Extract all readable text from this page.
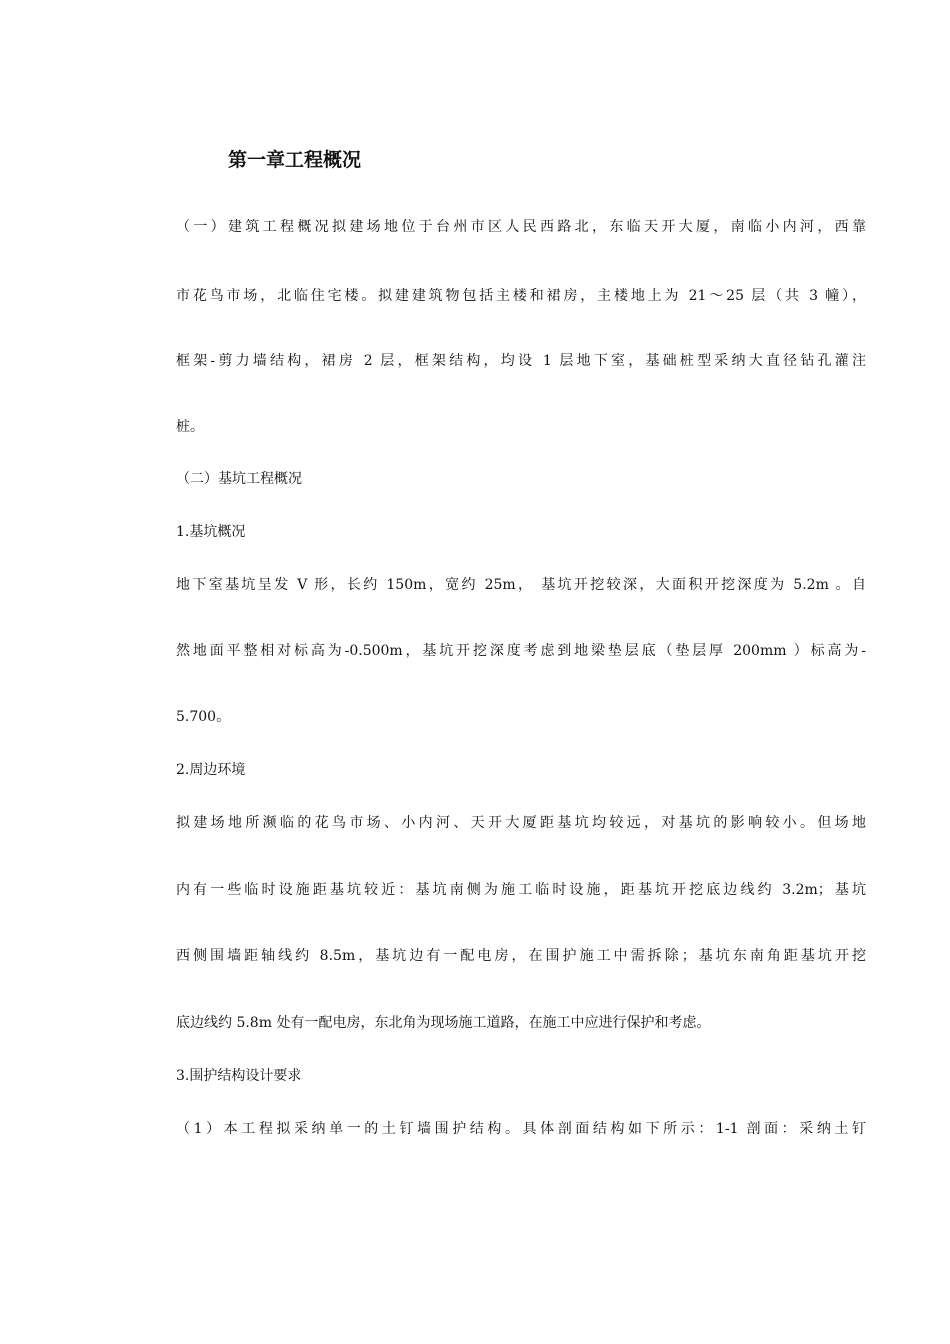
第一章工程概况
（一）建筑工程概况拟建场地位于台州市区人民西路北，东临天开大厦，南临小内河，西靠
市花鸟市场，北临住宅楼。拟建建筑物包括主楼和裙房，主楼地上为 21～25 层（共 3 幢），
框架-剪力墙结构，裙房 2 层，框架结构，均设 1 层地下室，基础桩型采纳大直径钻孔灌注
桩。
（二）基坑工程概况
1.基坑概况
地下室基坑呈发 V 形，长约 150m，宽约 25m， 基坑开挖较深，大面积开挖深度为 5.2m 。自
然地面平整相对标高为-0.500m，基坑开挖深度考虑到地梁垫层底（垫层厚 200mm ）标高为-
5.700。
2.周边环境
拟建场地所濒临的花鸟市场、小内河、天开大厦距基坑均较远，对基坑的影响较小。但场地
内有一些临时设施距基坑较近：基坑南侧为施工临时设施，距基坑开挖底边线约 3.2m；基坑
西侧围墙距轴线约 8.5m，基坑边有一配电房，在围护施工中需拆除；基坑东南角距基坑开挖
底边线约 5.8m 处有一配电房，东北角为现场施工道路，在施工中应进行保护和考虑。
3.围护结构设计要求
（1）本工程拟采纳单一的土钉墙围护结构。具体剖面结构如下所示：1-1 剖面：采纳土钉
